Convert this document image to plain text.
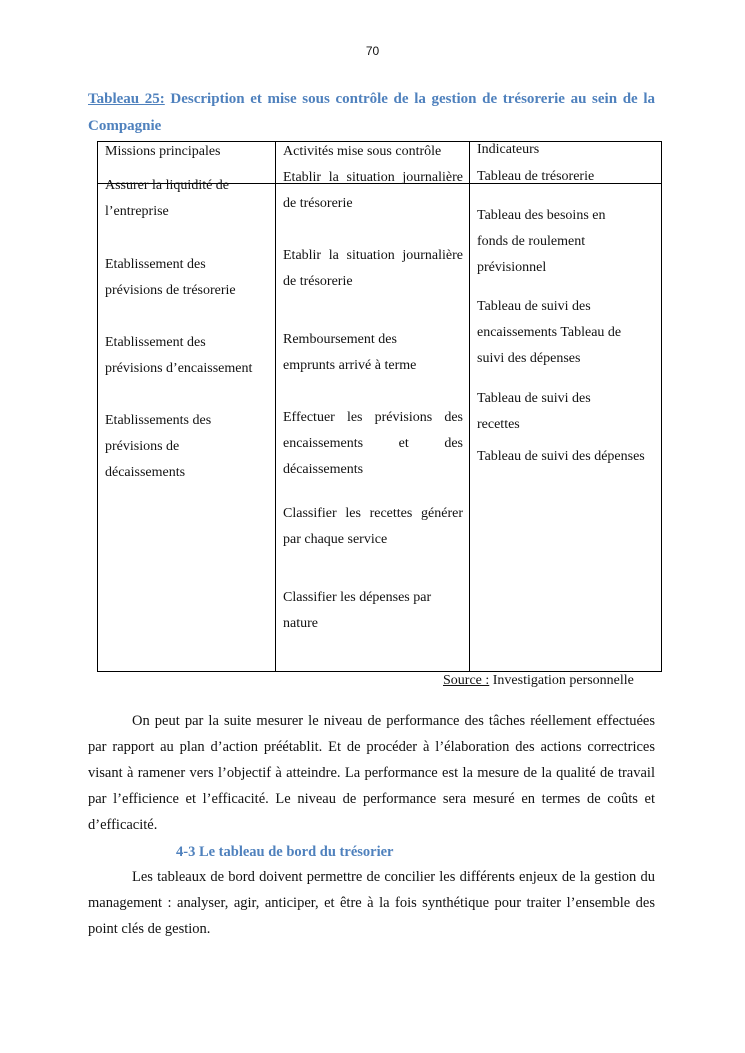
70
Tableau 25: Description et mise sous contrôle de la gestion de trésorerie au sein de la Compagnie
Missions principales	Activités mise sous contrôle	Indicateurs
Assurer la liquidité de
l’entreprise
Etablissement des
prévisions de trésorerie
Etablissement des
prévisions d’encaissement
Etablissements des
prévisions de
décaissements
Etablir la situation journalière
de trésorerie
Etablir la situation journalière
de trésorerie
Remboursement des
emprunts arrivé à terme
Effectuer les prévisions des
encaissements et des
décaissements
Classifier les recettes générer
par chaque service
Classifier les dépenses par
nature
Tableau de trésorerie
Tableau des besoins en
fonds de roulement
prévisionnel
Tableau de suivi des
encaissements Tableau de
suivi des dépenses
Tableau de suivi des
recettes
Tableau de suivi des dépenses
Source : Investigation personnelle
On peut par la suite mesurer le niveau de performance des tâches réellement effectuées par rapport au plan d’action préétablit. Et de procéder à l’élaboration des actions correctrices visant à ramener vers l’objectif à atteindre. La performance est la mesure de la qualité de travail par l’efficience et l’efficacité. Le niveau de performance sera mesuré en termes de coûts et d’efficacité.
4-3 Le tableau de bord du trésorier
Les tableaux de bord doivent permettre de concilier les différents enjeux de la gestion du management : analyser, agir, anticiper, et être à la fois synthétique pour traiter l’ensemble des point clés de gestion.
